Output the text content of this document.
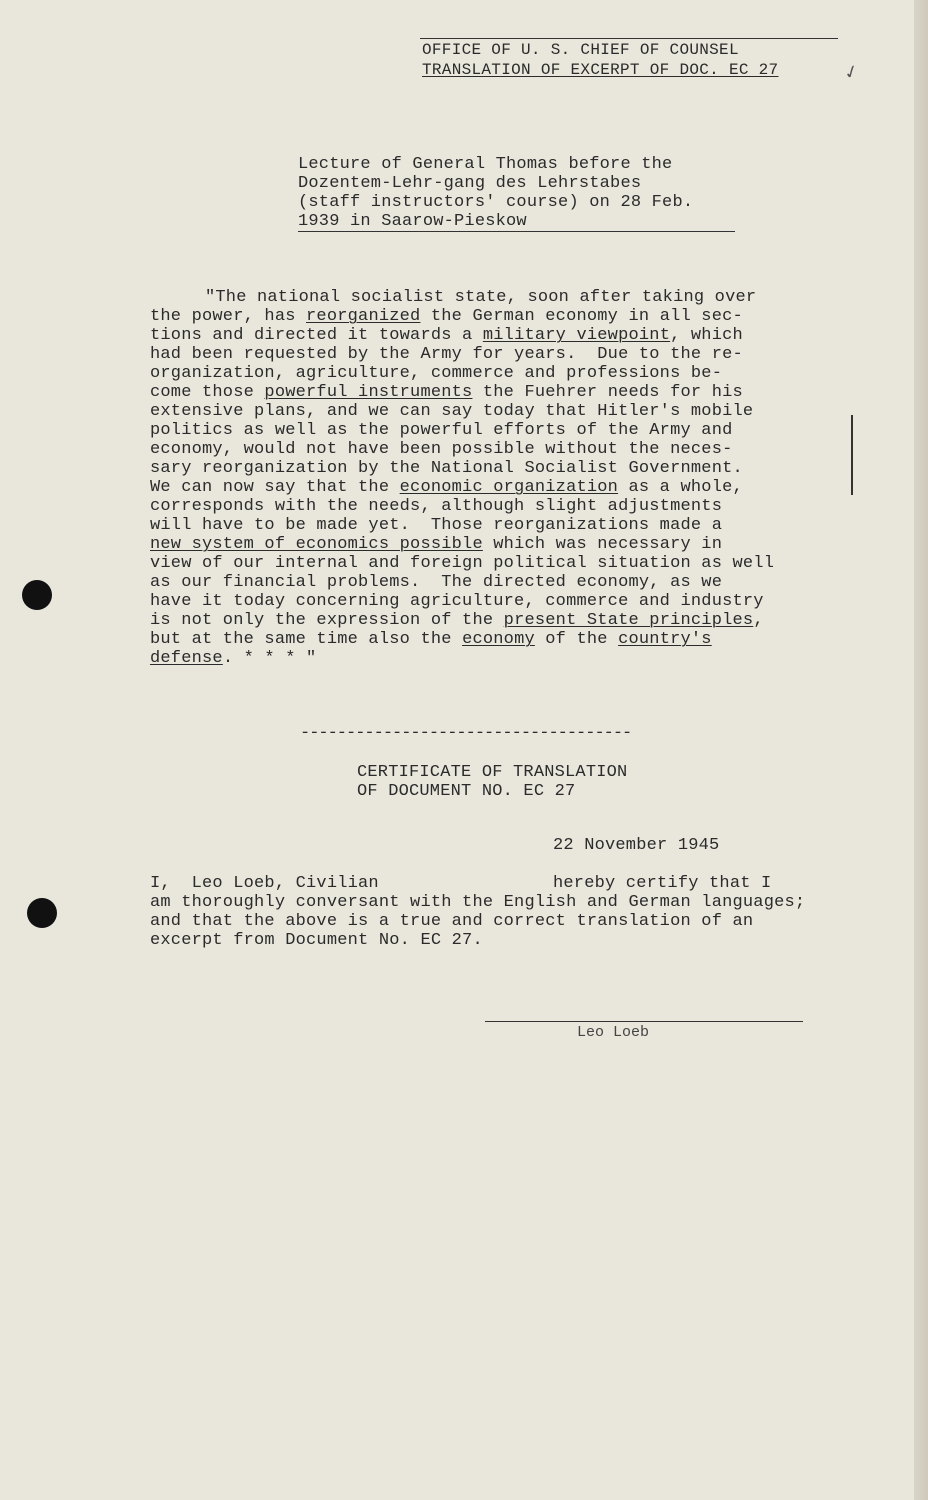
OFFICE OF U. S. CHIEF OF COUNSEL
TRANSLATION OF EXCERPT OF DOC. EC 27	✓
Lecture of General Thomas before the
Dozentem-Lehr-gang des Lehrstabes
(staff instructors' course) on 28 Feb.
1939 in Saarow-Pieskow
"The national socialist state, soon after taking over
the power, has reorganized the German economy in all sec-
tions and directed it towards a military viewpoint, which
had been requested by the Army for years.  Due to the re-
organization, agriculture, commerce and professions be-
come those powerful instruments the Fuehrer needs for his
extensive plans, and we can say today that Hitler's mobile
politics as well as the powerful efforts of the Army and
economy, would not have been possible without the neces-
sary reorganization by the National Socialist Government.
We can now say that the economic organization as a whole,
corresponds with the needs, although slight adjustments
will have to be made yet.  Those reorganizations made a
new system of economics possible which was necessary in
view of our internal and foreign political situation as well
as our financial problems.  The directed economy, as we
have it today concerning agriculture, commerce and industry
is not only the expression of the present State principles,
but at the same time also the economy of the country's
defense. * * * "
------------------------------------
CERTIFICATE OF TRANSLATION
OF DOCUMENT NO. EC 27
22 November 1945
I,  Leo Loeb, Civilian	hereby certify that I
am thoroughly conversant with the English and German languages;
and that the above is a true and correct translation of an
excerpt from Document No. EC 27.
Leo Loeb
